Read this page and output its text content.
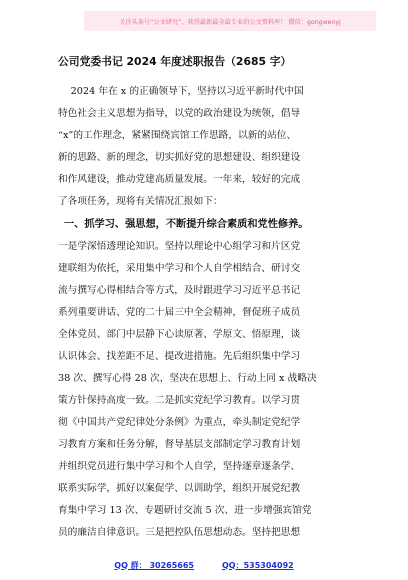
关注头条号“公文研究”，获得最新最全最专业的公文资料库！ 微信：gongwenyj
公司党委书记 2024 年度述职报告（2685 字）
2024 年在 x 的正确领导下，坚持以习近平新时代中国
特色社会主义思想为指导，以党的政治建设为统领，倡导
“x”的工作理念，紧紧围绕宾馆工作思路，以新的站位、
新的思路、新的理念，切实抓好党的思想建设、组织建设
和作风建设，推动党建高质量发展。一年来，较好的完成
了各项任务，现将有关情况汇报如下：
一、抓学习、强思想，不断提升综合素质和党性修养。
一是学深悟透理论知识。坚持以理论中心组学习和片区党
建联组为依托，采用集中学习和个人自学相结合、研讨交
流与撰写心得相结合等方式，及时跟进学习习近平总书记
系列重要讲话、党的二十届三中全会精神，督促班子成员
全体党员、部门中层静下心读原著、学原文、悟原理，谈
认识体会、找差距不足、提改进措施。先后组织集中学习
38 次、撰写心得 28 次，坚决在思想上、行动上同 x 战略决
策方针保持高度一致。二是抓实党纪学习教育。以学习贯
彻《中国共产党纪律处分条例》为重点，牵头制定党纪学
习教育方案和任务分解，督导基层支部制定学习教育计划
并组织党员进行集中学习和个人自学，坚持逐章逐条学、
联系实际学，抓好以案促学、以训助学，组织开展党纪教
育集中学习 13 次、专题研讨交流 5 次、进一步增强宾馆党
员的廉洁自律意识。三是把控队伍思想动态。坚持把思想
QQ 群： 30265665	QQ：535304092
